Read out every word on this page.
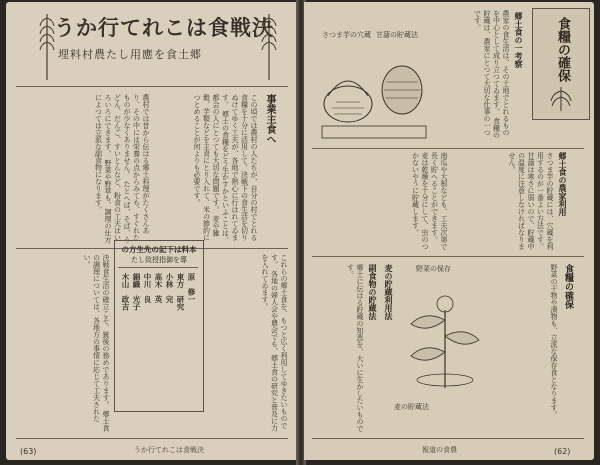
うか行てれこは食戦決
埋料村農たし用應を食土郷
事業主食へ
この頃では農村の人たちが、自分の村でとれる食糧を十分に活用して、決戦下の食生活を切りぬけてゆく工夫が、各地で熱心に行はれてゐます。 郷土の食糧をどう生かすかといふことは、都会の人にとつても大切な問題です。 麦や雑穀、芋類などを主食にとり入れて、米の節約につとめることが何よりも必要です。
農村では昔から伝はる郷土料理がたくさんあり、その中には栄養の点からみても、すぐれたものが少なくありません。 たとへば、そば、うどん、だんご、すいとんなど、粉食の工夫はいろいろにできます。 野菜や野草も、調理の仕方によつては立派な副食物になります。
これらの郷土食を、もつと広く利用してゆきたいものです。 各地の婦人会や農会でも、郷土食の研究と普及に力を入れてゐます。
の方生先の記下は料本
たし致授指御を導
原　修一
東方　研究
小林　完
高木　英
中川　良
錦織　光子
木山　政吉
決戦食生活の確立こそ、銃後の務めであります。 郷土食の調理については、各地方の事情に応じて工夫されたい。
(63)	うか行てれこは食戦決
食糧の確保
郷土食の一考察
農家の食生活は、その土地でとれるものを中心として成り立つてゐます。 食糧の貯蔵は、農家にとつて大切な仕事の一つです。
さつま芋の穴蔵 甘藷の貯蔵法
郷土食の農家利用
さつま芋の貯蔵には、穴蔵を利用するのが一番よい方法です。 甘藷は寒さに弱いので、貯蔵中の温度に注意しなければなりません。
南瓜や大根なども、工夫次第で長く貯へることができます。 麦は乾燥を十分にして、虫のつかないやうに貯蔵します。
食糧の確保
野菜の干物や漬物も、立派な保存食となります。
野菜の保存
麦の貯蔵利用法
副食物の貯蔵法
郷土に伝はる貯蔵の知恵を、大いに生かしたいものです。
麦の貯蔵法
報道の食農	(62)
